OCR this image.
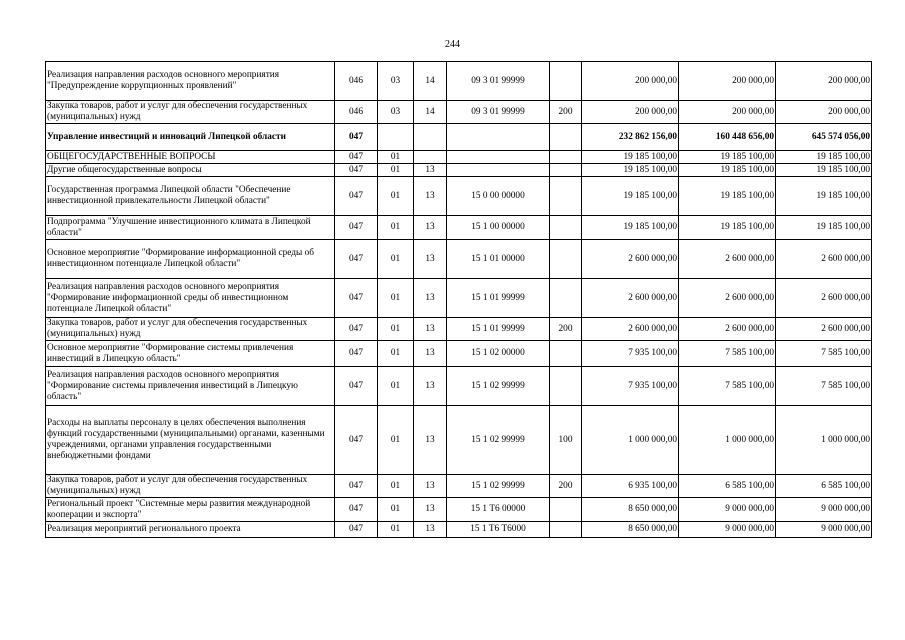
244
Реализация направления расходов основного мероприятия "Предупреждение коррупционных проявлений"	046	03	14	09 3 01 99999		200 000,00	200 000,00	200 000,00
Закупка товаров, работ и услуг для обеспечения государственных (муниципальных) нужд	046	03	14	09 3 01 99999	200	200 000,00	200 000,00	200 000,00
Управление инвестиций и инноваций Липецкой области	047					232 862 156,00	160 448 656,00	645 574 056,00
ОБЩЕГОСУДАРСТВЕННЫЕ ВОПРОСЫ	047	01				19 185 100,00	19 185 100,00	19 185 100,00
Другие общегосударственные вопросы	047	01	13			19 185 100,00	19 185 100,00	19 185 100,00
Государственная программа Липецкой области "Обеспечение инвестиционной привлекательности Липецкой области"	047	01	13	15 0 00 00000		19 185 100,00	19 185 100,00	19 185 100,00
Подпрограмма "Улучшение инвестиционного климата в Липецкой области"	047	01	13	15 1 00 00000		19 185 100,00	19 185 100,00	19 185 100,00
Основное мероприятие "Формирование информационной среды об инвестиционном потенциале Липецкой области"	047	01	13	15 1 01 00000		2 600 000,00	2 600 000,00	2 600 000,00
Реализация направления расходов основного мероприятия "Формирование информационной среды об инвестиционном потенциале Липецкой области"	047	01	13	15 1 01 99999		2 600 000,00	2 600 000,00	2 600 000,00
Закупка товаров, работ и услуг для обеспечения государственных (муниципальных) нужд	047	01	13	15 1 01 99999	200	2 600 000,00	2 600 000,00	2 600 000,00
Основное мероприятие "Формирование системы привлечения инвестиций в Липецкую область"	047	01	13	15 1 02 00000		7 935 100,00	7 585 100,00	7 585 100,00
Реализация направления расходов основного мероприятия "Формирование системы привлечения инвестиций в Липецкую область"	047	01	13	15 1 02 99999		7 935 100,00	7 585 100,00	7 585 100,00
Расходы на выплаты персоналу в целях обеспечения выполнения функций государственными (муниципальными) органами, казенными учреждениями, органами управления государственными внебюджетными фондами	047	01	13	15 1 02 99999	100	1 000 000,00	1 000 000,00	1 000 000,00
Закупка товаров, работ и услуг для обеспечения государственных (муниципальных) нужд	047	01	13	15 1 02 99999	200	6 935 100,00	6 585 100,00	6 585 100,00
Региональный проект "Системные меры развития международной кооперации и экспорта"	047	01	13	15 1 Т6 00000		8 650 000,00	9 000 000,00	9 000 000,00
Реализация мероприятий регионального проекта	047	01	13	15 1 Т6 Т6000		8 650 000,00	9 000 000,00	9 000 000,00
